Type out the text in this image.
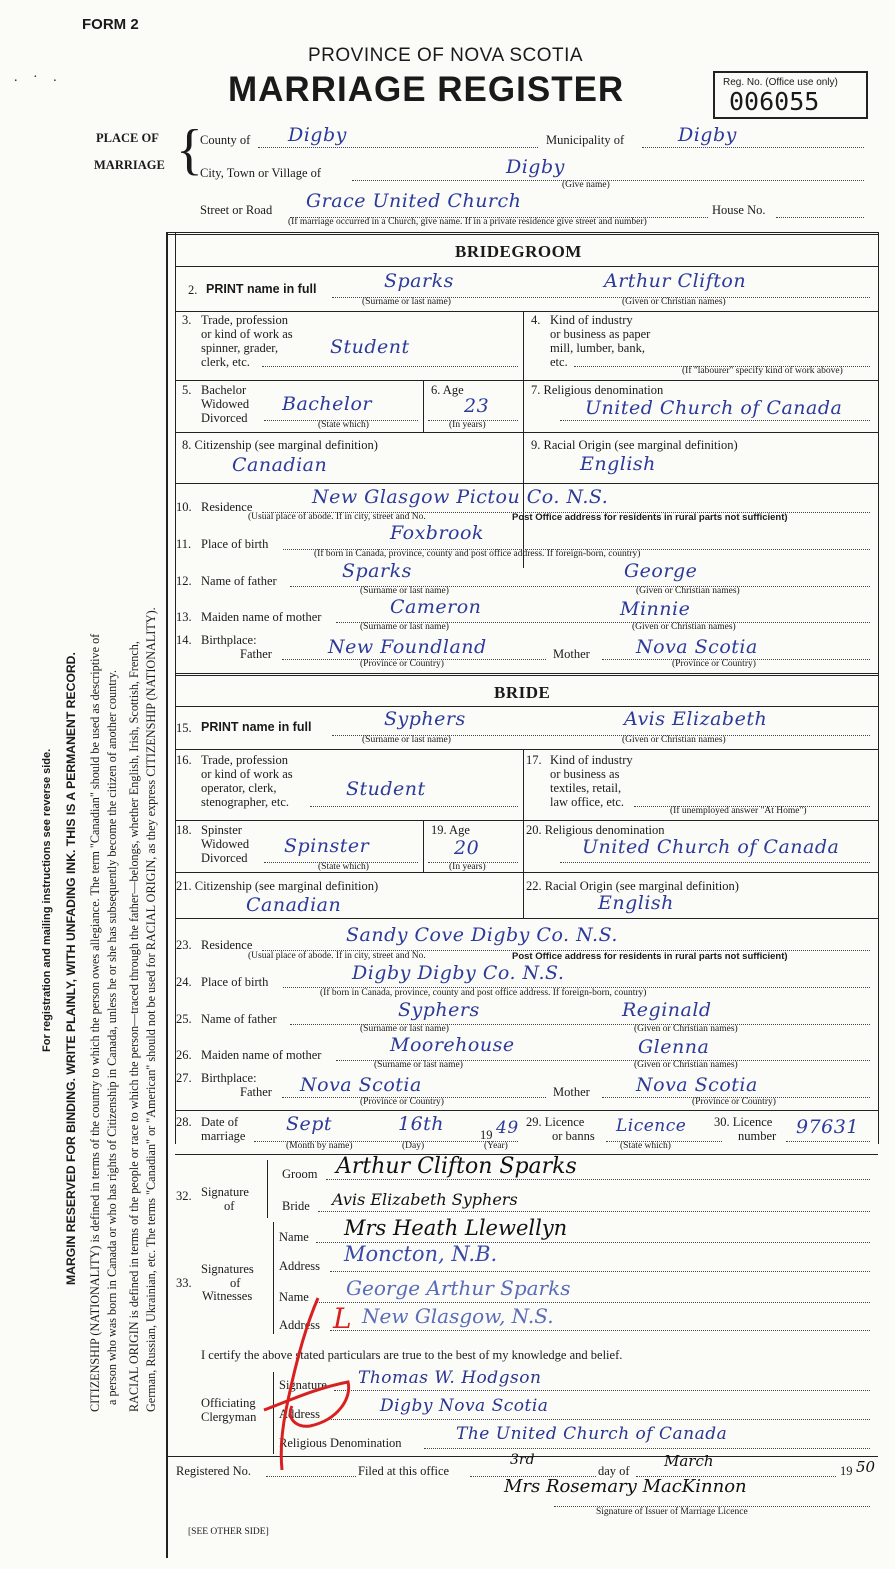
FORM 2
. · .
PROVINCE OF NOVA SCOTIA
MARRIAGE REGISTER	Reg. No. (Office use only)
006055
PLACE OF
MARRIAGE {
County of Digby	Municipality of	Digby
City, Town or Village of	Digby
(Give name)
Street or Road Grace United Church	House No.
(If marriage occurred in a Church, give name. If in a private residence give street and number)
CITIZENSHIP (NATIONALITY) is defined in terms of the country to which the person owes allegiance. The term "Canadian" should be used as descriptive of a person who was born in Canada or who has rights of Citizenship in Canada, unless he or she has subsequently become the citizen of another country. RACIAL ORIGIN is defined in terms of the people or race to which the person—traced through the father—belongs, whether English, Irish, Scottish, French, German, Russian, Ukrainian, etc. The terms "Canadian" or "American" should not be used for RACIAL ORIGIN, as they express CITIZENSHIP (NATIONALITY).
MARGIN RESERVED FOR BINDING. WRITE PLAINLY, WITH UNFADING INK. THIS IS A PERMANENT RECORD.
For registration and mailing instructions see reverse side.
BRIDEGROOM
2. PRINT name in full	Sparks	Arthur Clifton
(Surname or last name)	(Given or Christian names)
3. Trade, profession
or kind of work as
spinner, grader,
clerk, etc.
Student
4. Kind of industry
or business as paper
mill, lumber, bank,
etc.
(If "labourer" specify kind of work above)
5. Bachelor
Widowed
Divorced
Bachelor
(State which)
6. Age
23
(In years)
7. Religious denomination
United Church of Canada
8. Citizenship (see marginal definition)
Canadian
9. Racial Origin (see marginal definition)
English
10. Residence	New Glasgow Pictou Co. N.S.
(Usual place of abode. If in city, street and No.	Post Office address for residents in rural parts not sufficient)
11. Place of birth	Foxbrook
(If born in Canada, province, county and post office address. If foreign-born, country)
12. Name of father	Sparks	George
(Surname or last name)	(Given or Christian names)
13. Maiden name of mother	Cameron	Minnie
(Surname or last name)	(Given or Christian names)
14. Birthplace:
Father	New Foundland	Mother Nova Scotia
(Province or Country)	(Province or Country)
BRIDE
15. PRINT name in full	Syphers	Avis Elizabeth
(Surname or last name)	(Given or Christian names)
16. Trade, profession
or kind of work as
operator, clerk,
stenographer, etc.
Student
17. Kind of industry
or business as
textiles, retail,
law office, etc.
(If unemployed answer "At Home")
18. Spinster
Widowed
Divorced
Spinster
(State which)
19. Age
20
(In years)
20. Religious denomination
United Church of Canada
21. Citizenship (see marginal definition)
Canadian
22. Racial Origin (see marginal definition)
English
23. Residence	Sandy Cove Digby Co. N.S.
(Usual place of abode. If in city, street and No.	Post Office address for residents in rural parts not sufficient)
24. Place of birth	Digby Digby Co. N.S.
(If born in Canada, province, county and post office address. If foreign-born, country)
25. Name of father	Syphers	Reginald
(Surname or last name)	(Given or Christian names)
26. Maiden name of mother	Moorehouse	Glenna
(Surname or last name)	(Given or Christian names)
27. Birthplace:
Father Nova Scotia	Mother Nova Scotia
(Province or Country)	(Province or Country)
28. Date of
marriage
Sept	16th	19 49
(Month by name)	(Day)	(Year)
29. Licence
or banns Licence
(State which)
30. Licence
number 97631
32. Signature
of
Groom Arthur Clifton Sparks
Bride Avis Elizabeth Syphers
33.
Signatures
of
Witnesses
Name Mrs Heath Llewellyn
Address Moncton, N.B.
Name George Arthur Sparks
Address New Glasgow, N.S.
I certify the above stated particulars are true to the best of my knowledge and belief.
Officiating
Clergyman
Signature Thomas W. Hodgson
Address	Digby Nova Scotia
Religious Denomination	The United Church of Canada
L
Registered No.	Filed at this office
3rd
day of
March
19 50
Mrs Rosemary MacKinnon
Signature of Issuer of Marriage Licence
[SEE OTHER SIDE]
